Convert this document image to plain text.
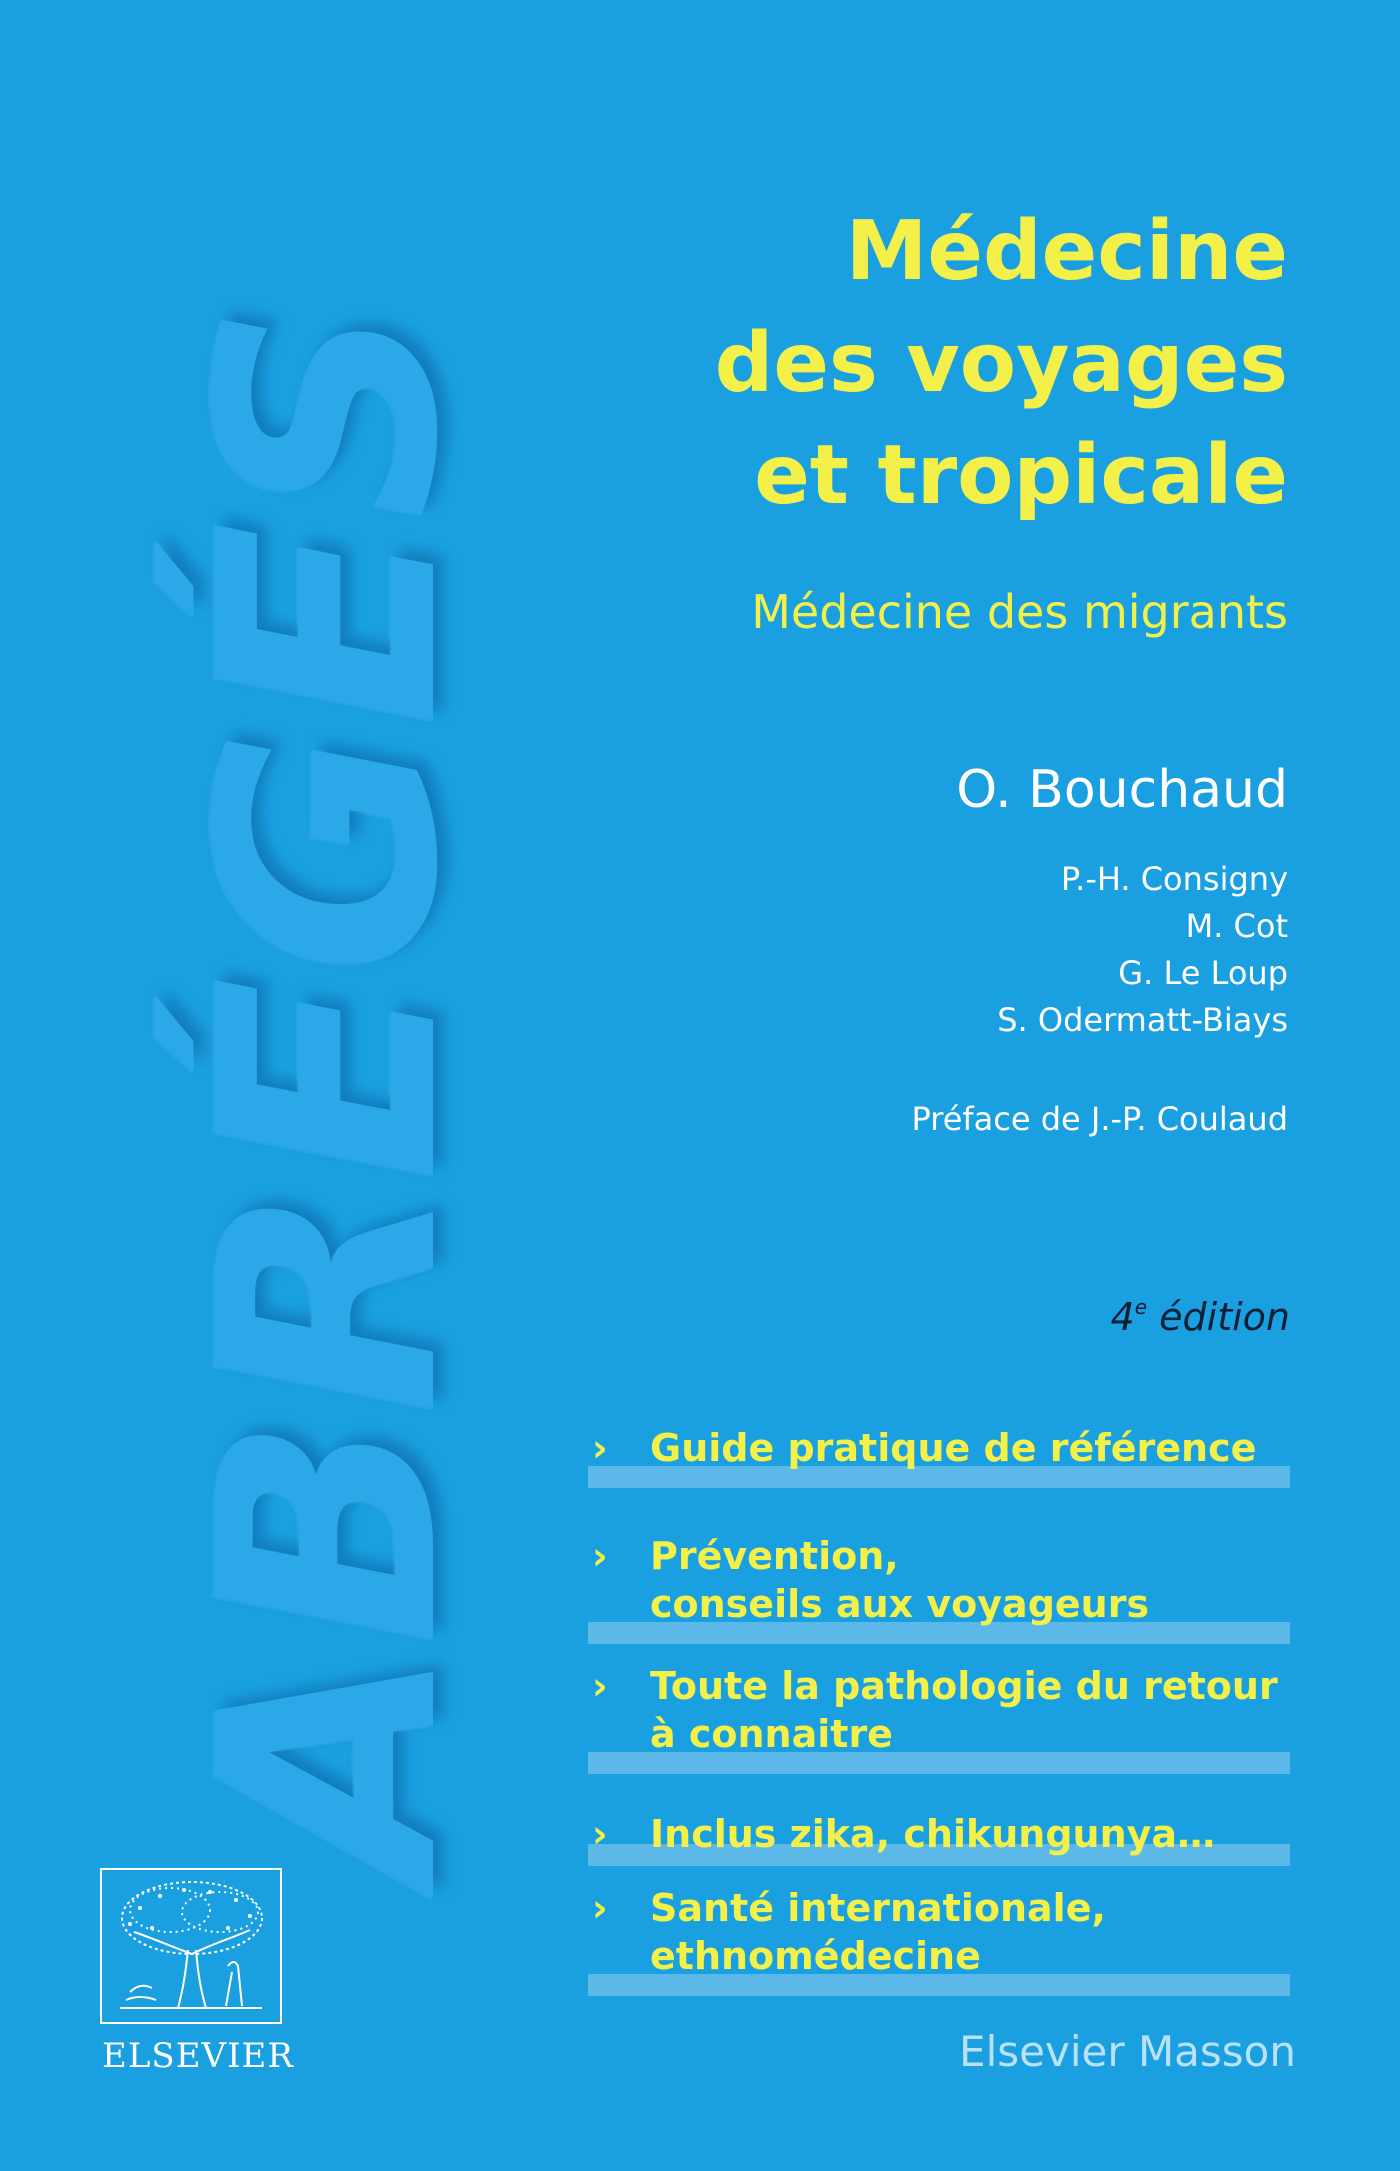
ABRÉGÉS
Médecine
des voyages
et tropicale
Médecine des migrants
O. Bouchaud
P.-H. Consigny
M. Cot
G. Le Loup
S. Odermatt-Biays
Préface de J.-P. Coulaud
4e édition
›	Guide pratique de référence
›	Prévention,
conseils aux voyageurs
›	Toute la pathologie du retour
à connaitre
›	Inclus zika, chikungunya…
›	Santé internationale,
ethnomédecine
ELSEVIER	Elsevier Masson
